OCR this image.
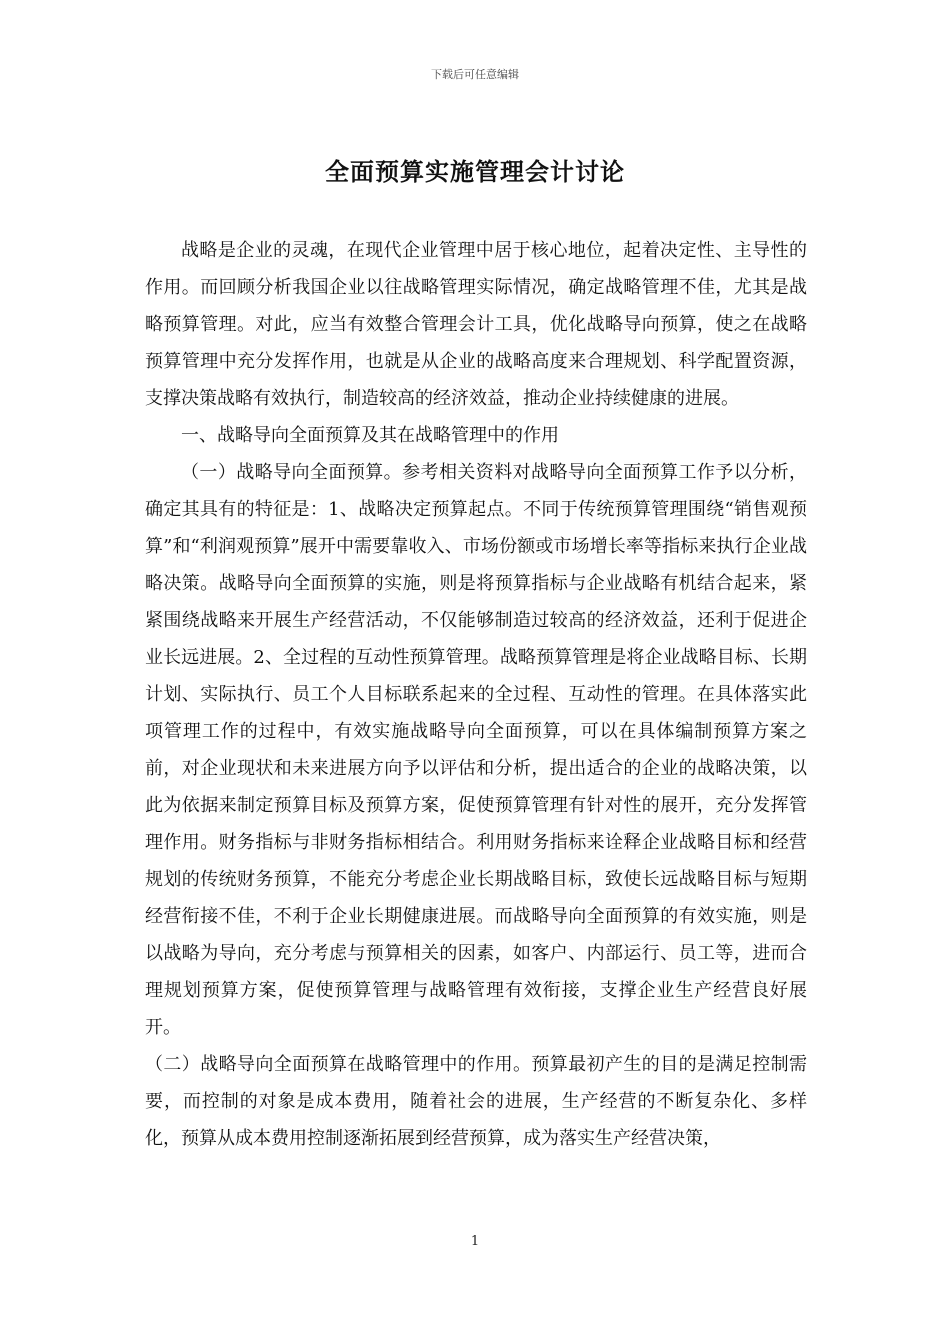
下载后可任意编辑
全面预算实施管理会计讨论

战略是企业的灵魂，在现代企业管理中居于核心地位，起着决定性、主导性的作用。而回顾分析我国企业以往战略管理实际情况，确定战略管理不佳，尤其是战略预算管理。对此，应当有效整合管理会计工具，优化战略导向预算，使之在战略预算管理中充分发挥作用，也就是从企业的战略高度来合理规划、科学配置资源，支撑决策战略有效执行，制造较高的经济效益，推动企业持续健康的进展。

一、战略导向全面预算及其在战略管理中的作用

（一）战略导向全面预算。参考相关资料对战略导向全面预算工作予以分析，确定其具有的特征是：1、战略决定预算起点。不同于传统预算管理围绕“销售观预算”和“利润观预算”展开中需要靠收入、市场份额或市场增长率等指标来执行企业战略决策。战略导向全面预算的实施，则是将预算指标与企业战略有机结合起来，紧紧围绕战略来开展生产经营活动，不仅能够制造过较高的经济效益，还利于促进企业长远进展。2、全过程的互动性预算管理。战略预算管理是将企业战略目标、长期计划、实际执行、员工个人目标联系起来的全过程、互动性的管理。在具体落实此项管理工作的过程中，有效实施战略导向全面预算，可以在具体编制预算方案之前，对企业现状和未来进展方向予以评估和分析，提出适合的企业的战略决策，以此为依据来制定预算目标及预算方案，促使预算管理有针对性的展开，充分发挥管理作用。财务指标与非财务指标相结合。利用财务指标来诠释企业战略目标和经营规划的传统财务预算，不能充分考虑企业长期战略目标，致使长远战略目标与短期经营衔接不佳，不利于企业长期健康进展。而战略导向全面预算的有效实施，则是以战略为导向，充分考虑与预算相关的因素，如客户、内部运行、员工等，进而合理规划预算方案，促使预算管理与战略管理有效衔接，支撑企业生产经营良好展开。

（二）战略导向全面预算在战略管理中的作用。预算最初产生的目的是满足控制需要，而控制的对象是成本费用，随着社会的进展，生产经营的不断复杂化、多样化，预算从成本费用控制逐渐拓展到经营预算，成为落实生产经营决策，

1
